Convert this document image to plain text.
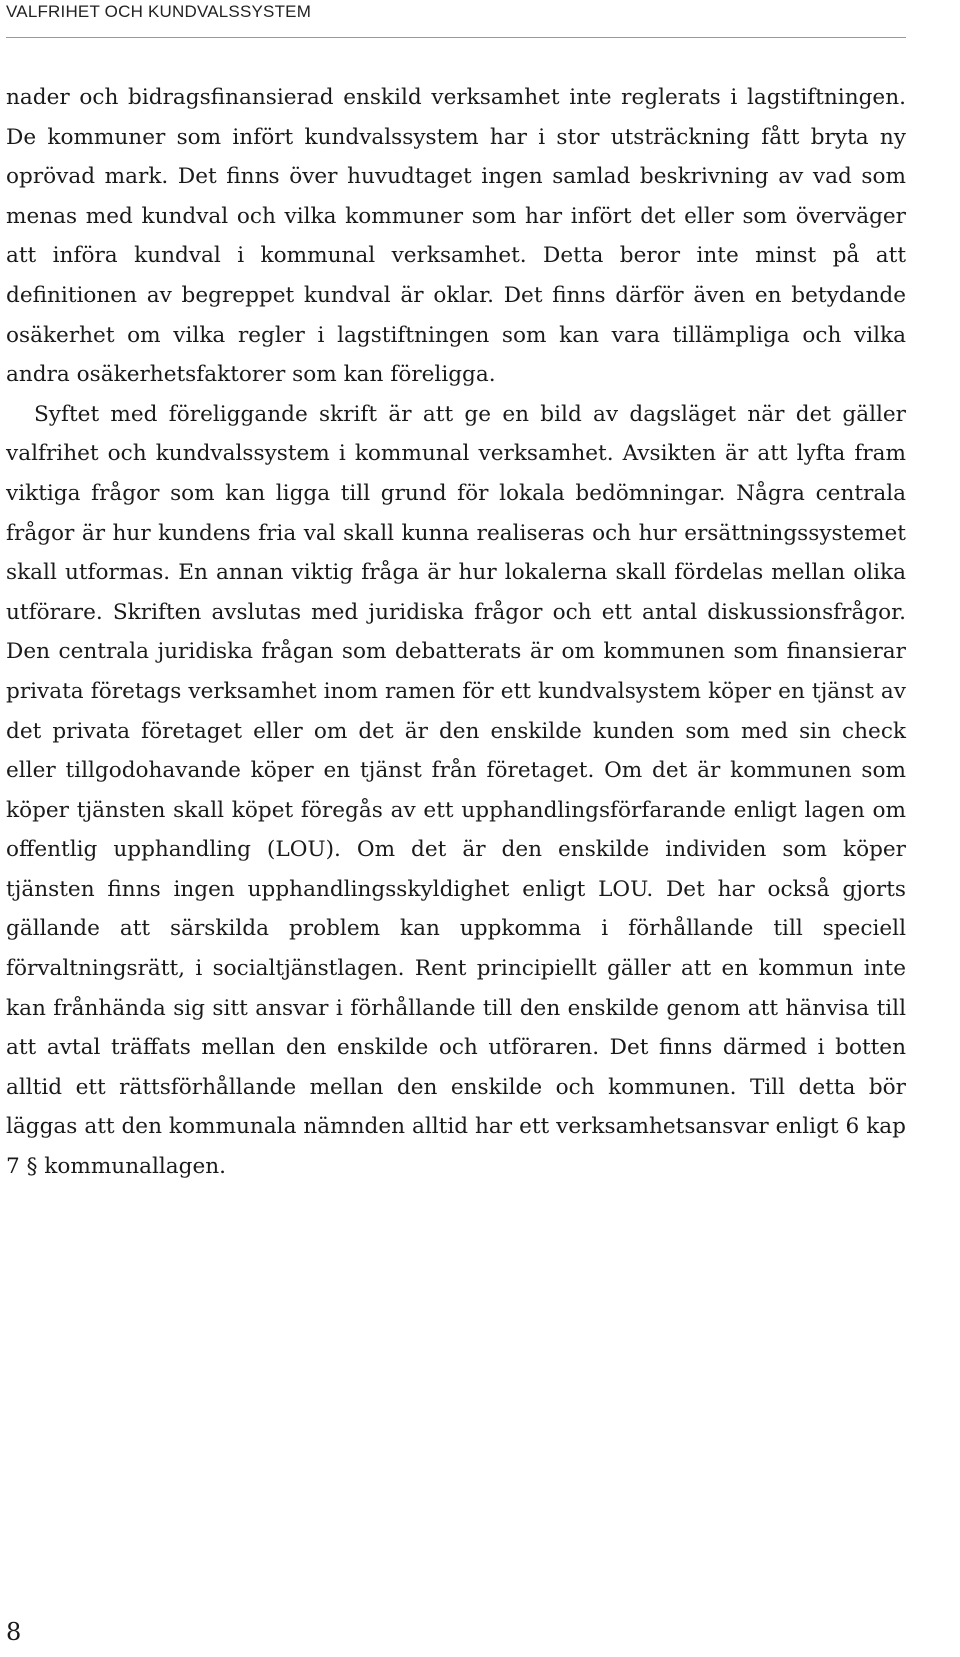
VALFRIHET OCH KUNDVALSSYSTEM

nader och bidragsfinansierad enskild verksamhet inte reglerats i lagstiftningen. De kommuner som infört kundvalssystem har i stor utsträckning fått bryta ny oprövad mark. Det finns över huvudtaget ingen samlad beskrivning av vad som menas med kundval och vilka kommuner som har infört det eller som överväger att införa kundval i kommunal verksamhet. Detta beror inte minst på att definitionen av begreppet kundval är oklar. Det finns därför även en betydande osäkerhet om vilka regler i lagstiftningen som kan vara tillämpliga och vilka andra osäkerhetsfaktorer som kan föreligga.

Syftet med föreliggande skrift är att ge en bild av dagsläget när det gäller valfrihet och kundvalssystem i kommunal verksamhet. Avsikten är att lyfta fram viktiga frågor som kan ligga till grund för lokala bedömningar. Några centrala frågor är hur kundens fria val skall kunna realiseras och hur ersättningssystemet skall utformas. En annan viktig fråga är hur lokalerna skall fördelas mellan olika utförare. Skriften avslutas med juridiska frågor och ett antal diskussionsfrågor. Den centrala juridiska frågan som debatterats är om kommunen som finansierar privata företags verksamhet inom ramen för ett kundvalsystem köper en tjänst av det privata företaget eller om det är den enskilde kunden som med sin check eller tillgodohavande köper en tjänst från företaget. Om det är kommunen som köper tjänsten skall köpet föregås av ett upphandlingsförfarande enligt lagen om offentlig upphandling (LOU). Om det är den enskilde individen som köper tjänsten finns ingen upphandlingsskyldighet enligt LOU. Det har också gjorts gällande att särskilda problem kan uppkomma i förhållande till speciell förvaltningsrätt, i socialtjänstlagen. Rent principiellt gäller att en kommun inte kan frånhända sig sitt ansvar i förhållande till den enskilde genom att hänvisa till att avtal träffats mellan den enskilde och utföraren. Det finns därmed i botten alltid ett rättsförhållande mellan den enskilde och kommunen. Till detta bör läggas att den kommunala nämnden alltid har ett verksamhetsansvar enligt 6 kap 7 § kommunallagen.

8
